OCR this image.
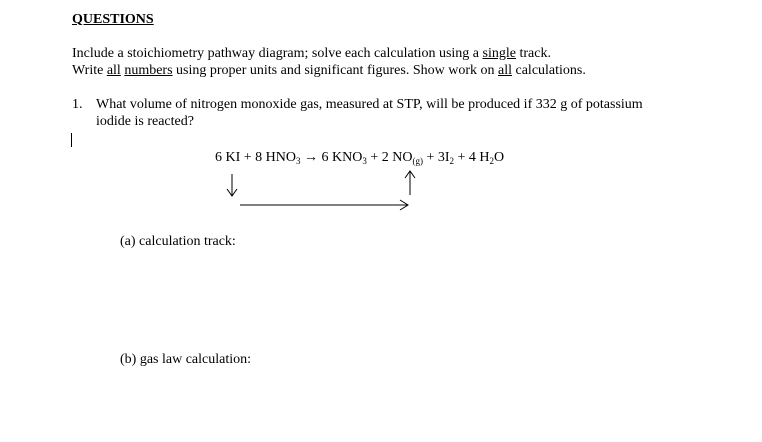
QUESTIONS
Include a stoichiometry pathway diagram; solve each calculation using a single track.
Write all numbers using proper units and significant figures. Show work on all calculations.
1. What volume of nitrogen monoxide gas, measured at STP, will be produced if 332 g of potassium
iodide is reacted?
6 KI + 8 $HNO_3 \to 6$ $KNO_3 + 2$ $NO_{(g)} + 3I_2 + 4$ $H_2O$
(a) calculation track:
(b) gas law calculation:
